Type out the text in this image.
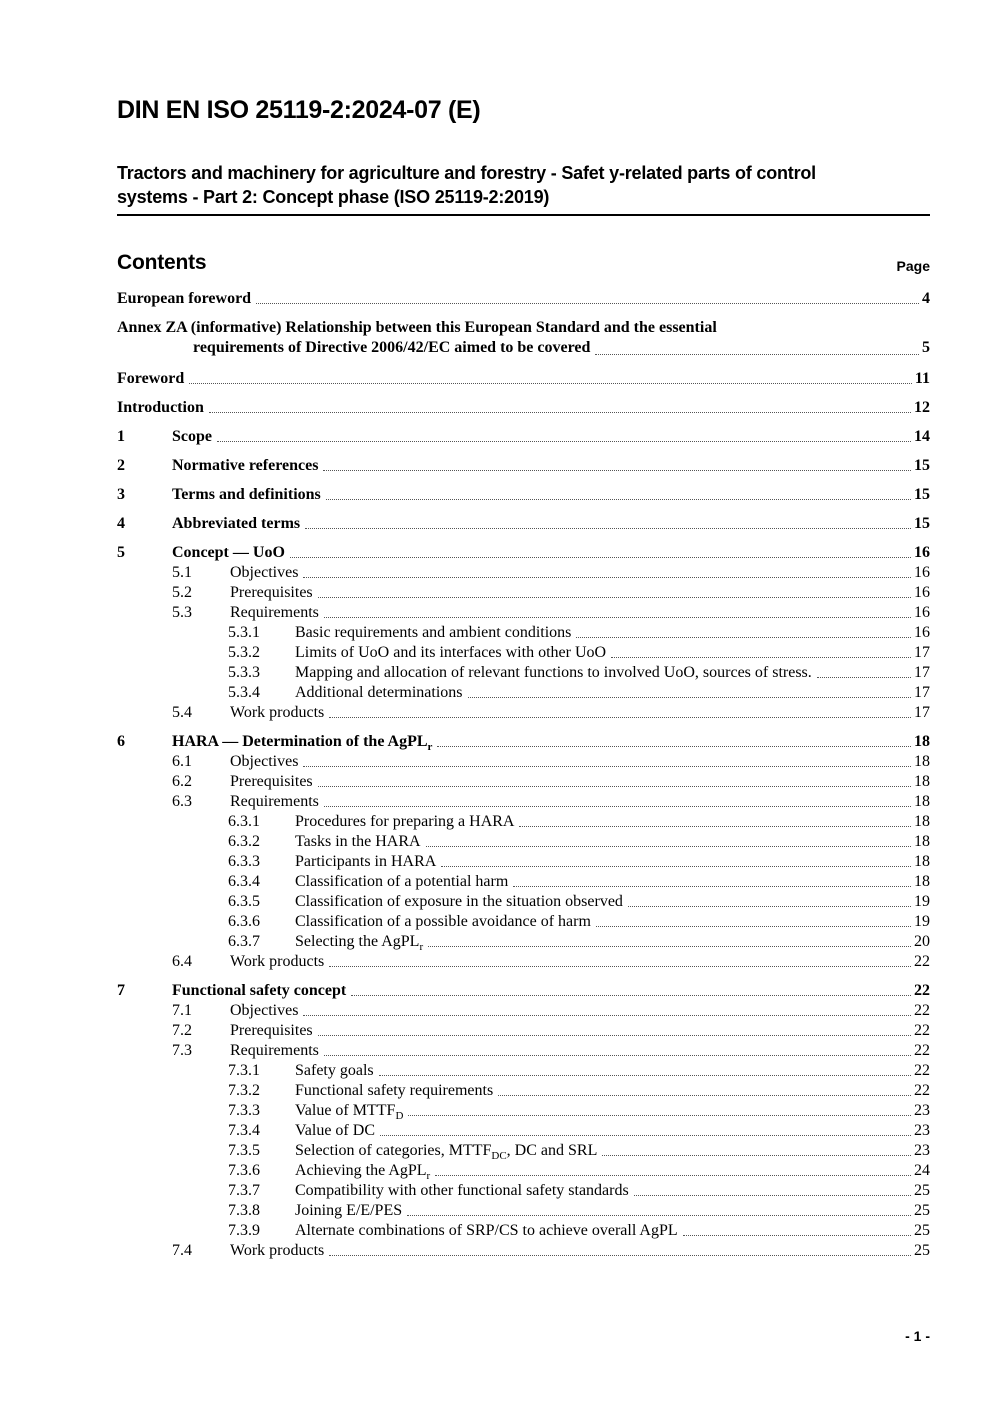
DIN EN ISO 25119-2:2024-07 (E)
Tractors and machinery for agriculture and forestry - Safet y-related parts of control
systems - Part 2: Concept phase (ISO 25119-2:2019)
Contents	Page
European foreword	4
Annex ZA (informative) Relationship between this European Standard and the essential
requirements of Directive 2006/42/EC aimed to be covered	5
Foreword	11
Introduction	12
1	Scope	14
2	Normative references	15
3	Terms and definitions	15
4	Abbreviated terms	15
5	Concept — UoO	16
5.1	Objectives	16
5.2	Prerequisites	16
5.3	Requirements	16
5.3.1	Basic requirements and ambient conditions	16
5.3.2	Limits of UoO and its interfaces with other UoO	17
5.3.3	Mapping and allocation of relevant functions to involved UoO, sources of stress.	17
5.3.4	Additional determinations	17
5.4	Work products	17
6	HARA — Determination of the AgPL$_r$	18
6.1	Objectives	18
6.2	Prerequisites	18
6.3	Requirements	18
6.3.1	Procedures for preparing a HARA	18
6.3.2	Tasks in the HARA	18
6.3.3	Participants in HARA	18
6.3.4	Classification of a potential harm	18
6.3.5	Classification of exposure in the situation observed	19
6.3.6	Classification of a possible avoidance of harm	19
6.3.7	Selecting the AgPL$_r$	20
6.4	Work products	22
7	Functional safety concept	22
7.1	Objectives	22
7.2	Prerequisites	22
7.3	Requirements	22
7.3.1	Safety goals	22
7.3.2	Functional safety requirements	22
7.3.3	Value of $MTTF_D$	23
7.3.4	Value of DC	23
7.3.5	Selection of categories, $MTTF_{DC}$, DC and SRL	23
7.3.6	Achieving the AgPL$_r$	24
7.3.7	Compatibility with other functional safety standards	25
7.3.8	Joining E/E/PES	25
7.3.9	Alternate combinations of SRP/CS to achieve overall AgPL	25
7.4	Work products	25
- 1 -
